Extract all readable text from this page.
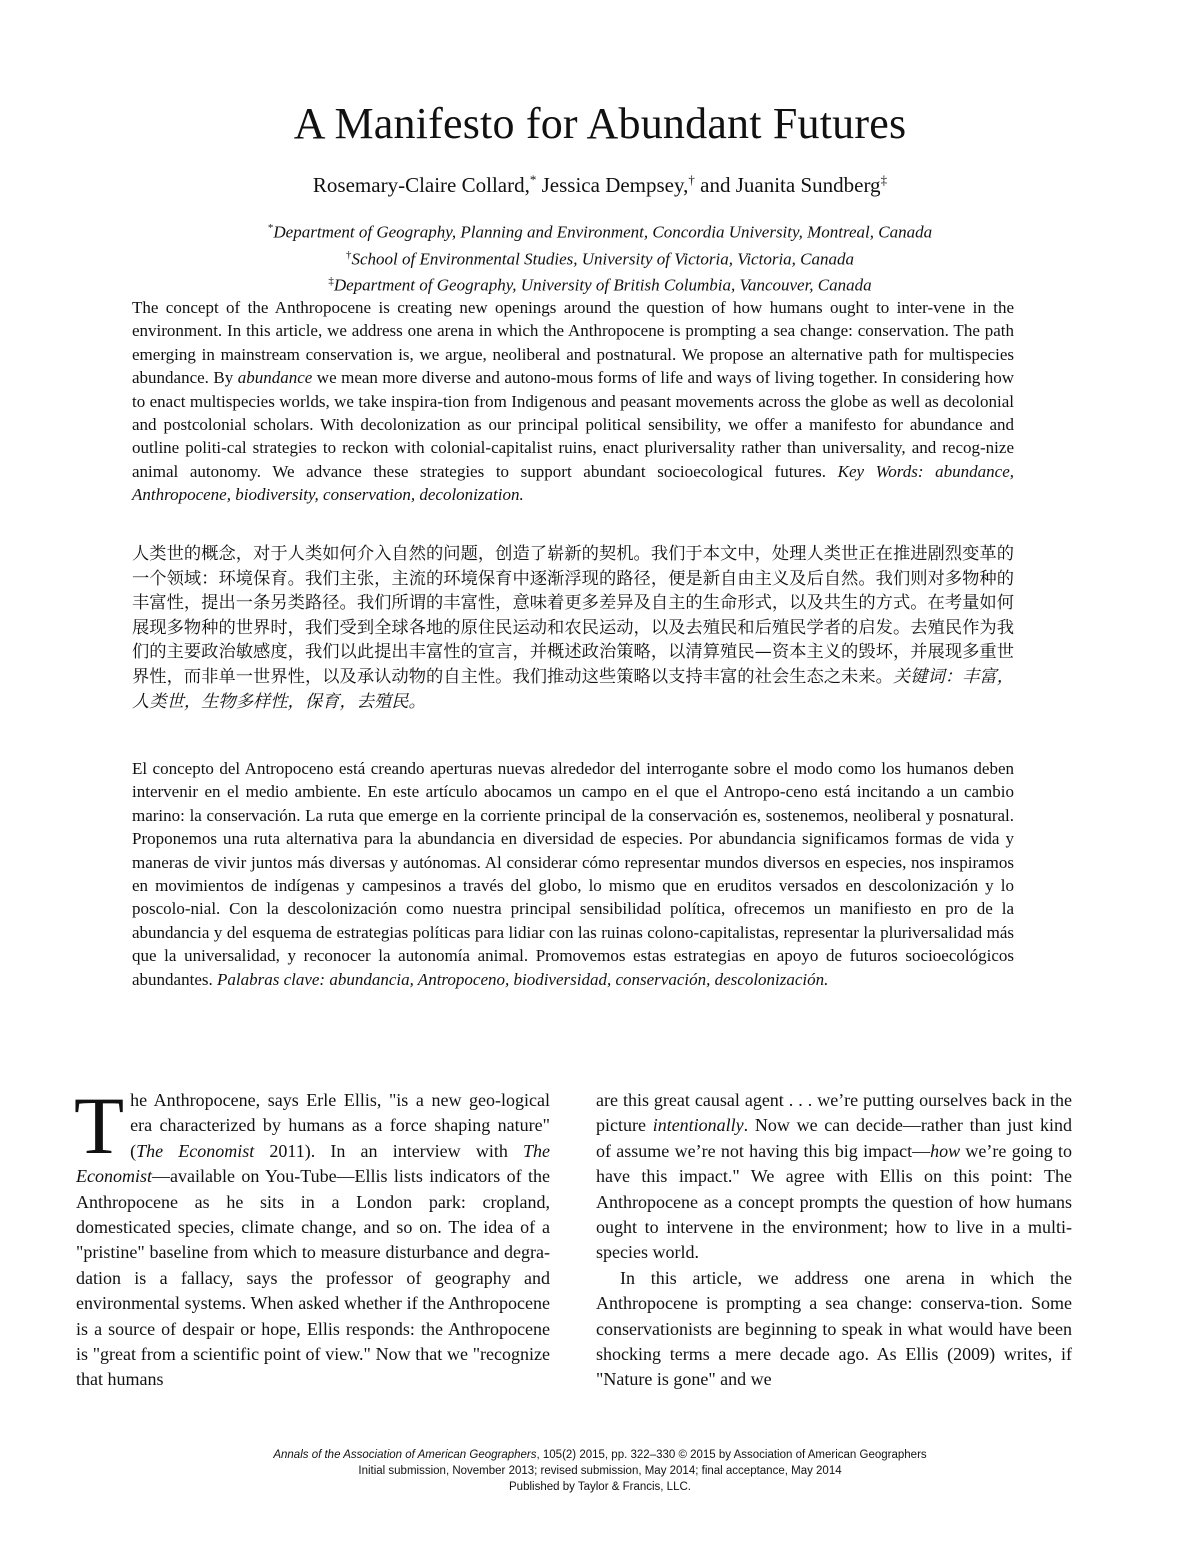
A Manifesto for Abundant Futures
Rosemary-Claire Collard,* Jessica Dempsey,† and Juanita Sundberg‡
*Department of Geography, Planning and Environment, Concordia University, Montreal, Canada
†School of Environmental Studies, University of Victoria, Victoria, Canada
‡Department of Geography, University of British Columbia, Vancouver, Canada
The concept of the Anthropocene is creating new openings around the question of how humans ought to inter-vene in the environment. In this article, we address one arena in which the Anthropocene is prompting a sea change: conservation. The path emerging in mainstream conservation is, we argue, neoliberal and postnatural. We propose an alternative path for multispecies abundance. By abundance we mean more diverse and autono-mous forms of life and ways of living together. In considering how to enact multispecies worlds, we take inspira-tion from Indigenous and peasant movements across the globe as well as decolonial and postcolonial scholars. With decolonization as our principal political sensibility, we offer a manifesto for abundance and outline politi-cal strategies to reckon with colonial-capitalist ruins, enact pluriversality rather than universality, and recog-nize animal autonomy. We advance these strategies to support abundant socioecological futures. Key Words: abundance, Anthropocene, biodiversity, conservation, decolonization.
人类世的概念，对于人类如何介入自然的问题，创造了崭新的契机。我们于本文中，处理人类世正在推进剧烈变革的一个领域：环境保育。我们主张，主流的环境保育中逐渐浮现的路径，便是新自由主义及后自然。我们则对多物种的丰富性，提出一条另类路径。我们所谓的丰富性，意味着更多差异及自主的生命形式，以及共生的方式。在考量如何展现多物种的世界时，我们受到全球各地的原住民运动和农民运动，以及去殖民和后殖民学者的启发。去殖民作为我们的主要政治敏感度，我们以此提出丰富性的宣言，并概述政治策略，以清算殖民—资本主义的毁坏，并展现多重世界性，而非单一世界性，以及承认动物的自主性。我们推动这些策略以支持丰富的社会生态之未来。关键词：丰富，人类世，生物多样性，保育，去殖民。
El concepto del Antropoceno está creando aperturas nuevas alrededor del interrogante sobre el modo como los humanos deben intervenir en el medio ambiente. En este artículo abocamos un campo en el que el Antropo-ceno está incitando a un cambio marino: la conservación. La ruta que emerge en la corriente principal de la conservación es, sostenemos, neoliberal y posnatural. Proponemos una ruta alternativa para la abundancia en diversidad de especies. Por abundancia significamos formas de vida y maneras de vivir juntos más diversas y autónomas. Al considerar cómo representar mundos diversos en especies, nos inspiramos en movimientos de indígenas y campesinos a través del globo, lo mismo que en eruditos versados en descolonización y lo poscolo-nial. Con la descolonización como nuestra principal sensibilidad política, ofrecemos un manifiesto en pro de la abundancia y del esquema de estrategias políticas para lidiar con las ruinas colono-capitalistas, representar la pluriversalidad más que la universalidad, y reconocer la autonomía animal. Promovemos estas estrategias en apoyo de futuros socioecológicos abundantes. Palabras clave: abundancia, Antropoceno, biodiversidad, conservación, descolonización.

The Anthropocene, says Erle Ellis, "is a new geo-logical era characterized by humans as a force shaping nature" (The Economist 2011). In an interview with The Economist—available on You-Tube—Ellis lists indicators of the Anthropocene as he sits in a London park: cropland, domesticated species, climate change, and so on. The idea of a "pristine" baseline from which to measure disturbance and degra-dation is a fallacy, says the professor of geography and environmental systems. When asked whether if the Anthropocene is a source of despair or hope, Ellis responds: the Anthropocene is "great from a scientific point of view." Now that we "recognize that humans

are this great causal agent . . . we’re putting ourselves back in the picture intentionally. Now we can decide—rather than just kind of assume we’re not having this big impact—how we’re going to have this impact." We agree with Ellis on this point: The Anthropocene as a concept prompts the question of how humans ought to intervene in the environment; how to live in a multi-species world.

In this article, we address one arena in which the Anthropocene is prompting a sea change: conserva-tion. Some conservationists are beginning to speak in what would have been shocking terms a mere decade ago. As Ellis (2009) writes, if "Nature is gone" and we

Annals of the Association of American Geographers, 105(2) 2015, pp. 322–330 © 2015 by Association of American Geographers
Initial submission, November 2013; revised submission, May 2014; final acceptance, May 2014
Published by Taylor & Francis, LLC.
